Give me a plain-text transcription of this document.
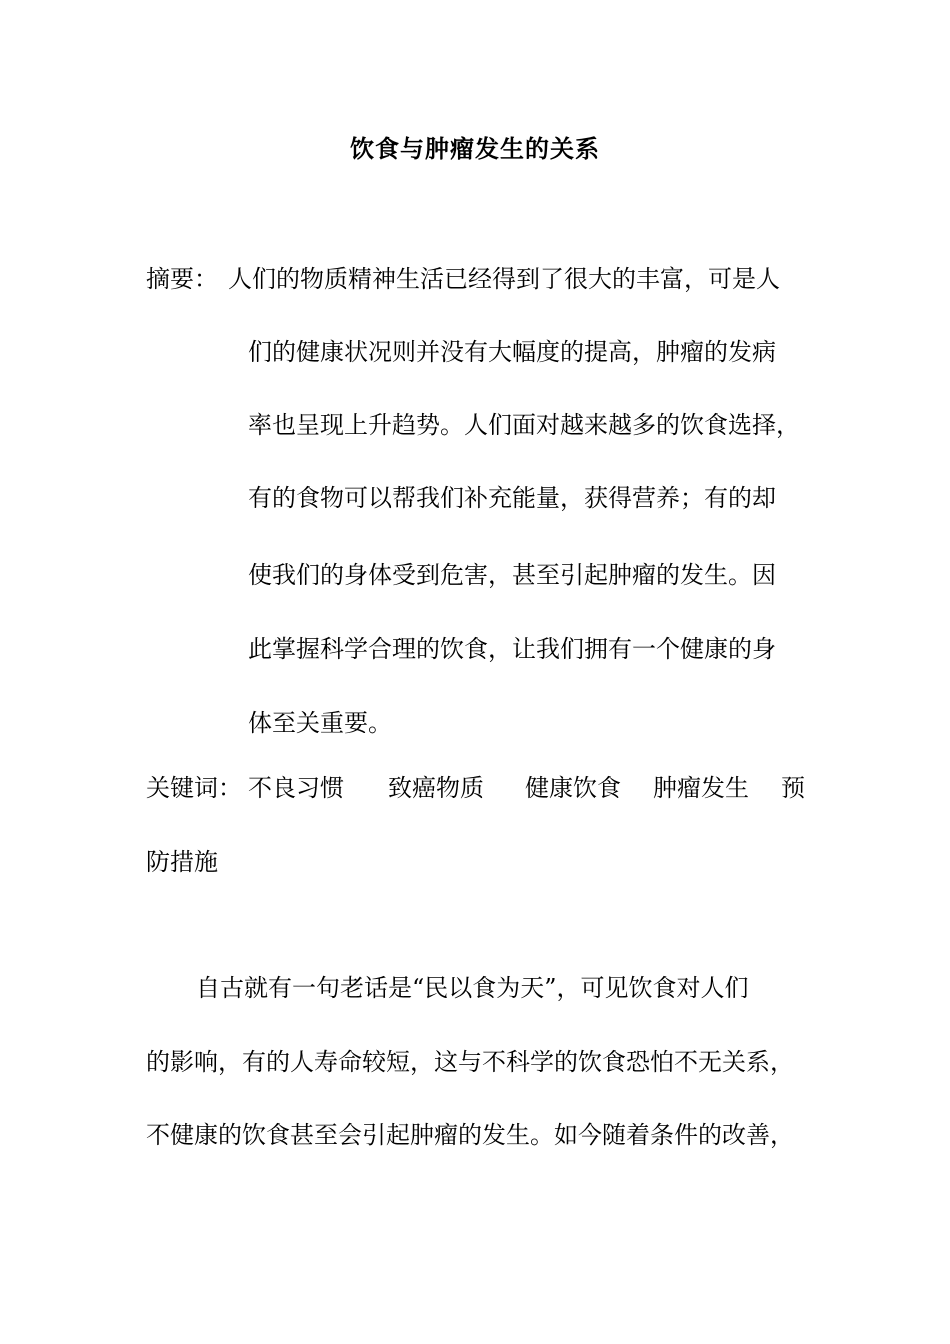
饮食与肿瘤发生的关系
摘要： 人们的物质精神生活已经得到了很大的丰富，可是人
们的健康状况则并没有大幅度的提高，肿瘤的发病
率也呈现上升趋势。人们面对越来越多的饮食选择，
有的食物可以帮我们补充能量，获得营养；有的却
使我们的身体受到危害，甚至引起肿瘤的发生。因
此掌握科学合理的饮食，让我们拥有一个健康的身
体至关重要。
关键词： 不良习惯 致癌物质 健康饮食 肿瘤发生 预
防措施
自古就有一句老话是“民以食为天”，可见饮食对人们
的影响，有的人寿命较短，这与不科学的饮食恐怕不无关系，
不健康的饮食甚至会引起肿瘤的发生。如今随着条件的改善，
